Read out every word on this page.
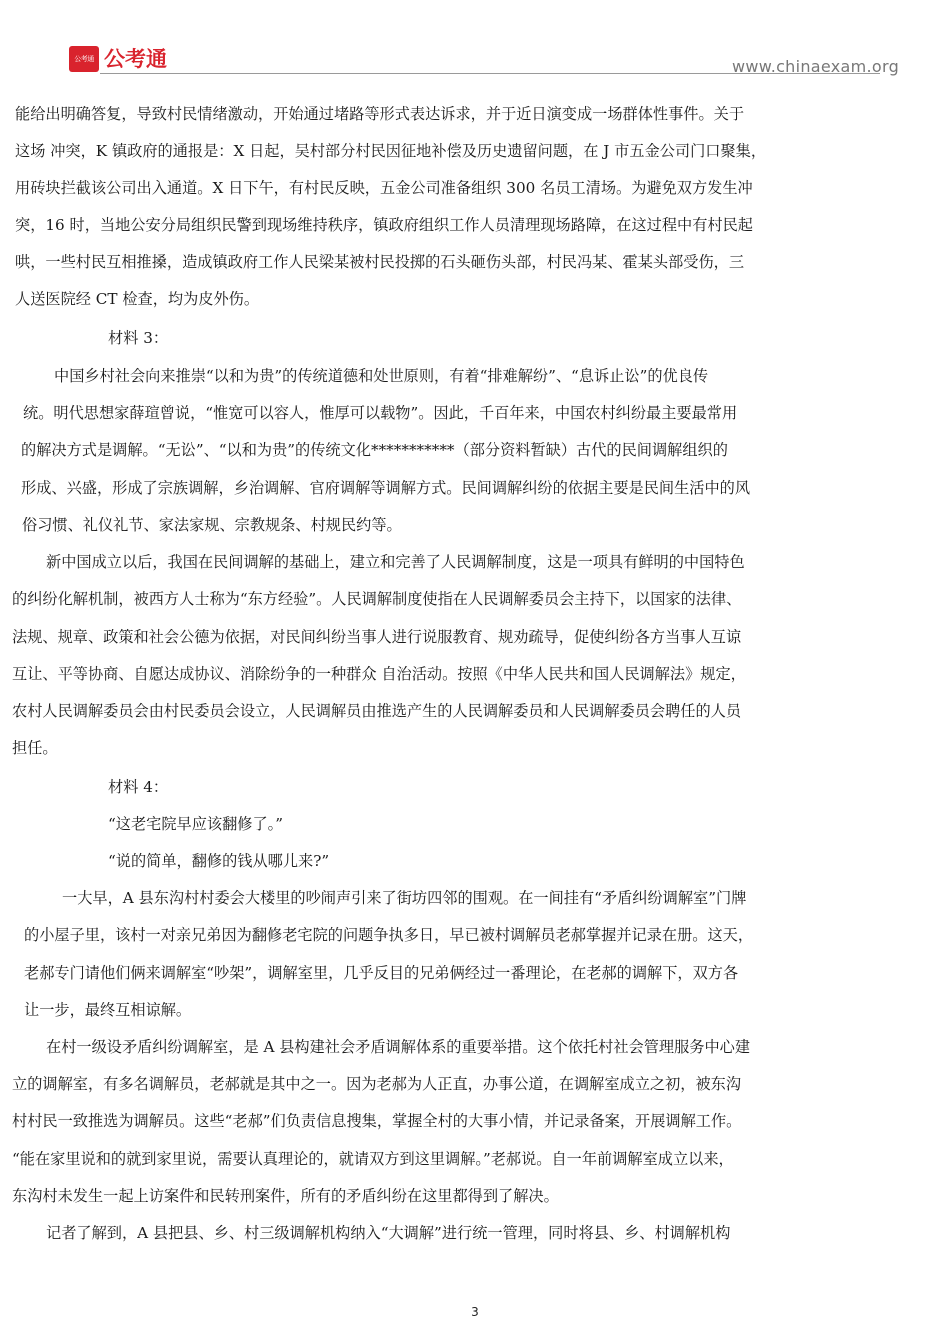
公考通 公考通	www.chinaexam.org
能给出明确答复，导致村民情绪激动，开始通过堵路等形式表达诉求，并于近日演变成一场群体性事件。关于
这场 冲突，K 镇政府的通报是：X 日起，吴村部分村民因征地补偿及历史遗留问题，在 J 市五金公司门口聚集，
用砖块拦截该公司出入通道。X 日下午，有村民反映，五金公司准备组织 300 名员工清场。为避免双方发生冲
突，16 时，当地公安分局组织民警到现场维持秩序，镇政府组织工作人员清理现场路障，在这过程中有村民起
哄，一些村民互相推搡，造成镇政府工作人民梁某被村民投掷的石头砸伤头部，村民冯某、霍某头部受伤，三
人送医院经 CT 检查，均为皮外伤。
材料 3：
中国乡村社会向来推崇“以和为贵”的传统道德和处世原则，有着“排难解纷”、“息诉止讼”的优良传
统。明代思想家薛瑄曾说，“惟宽可以容人，惟厚可以载物”。因此，千百年来，中国农村纠纷最主要最常用
的解决方式是调解。“无讼”、“以和为贵”的传统文化***********（部分资料暂缺）古代的民间调解组织的
形成、兴盛，形成了宗族调解，乡治调解、官府调解等调解方式。民间调解纠纷的依据主要是民间生活中的风
俗习惯、礼仪礼节、家法家规、宗教规条、村规民约等。
新中国成立以后，我国在民间调解的基础上，建立和完善了人民调解制度，这是一项具有鲜明的中国特色
的纠纷化解机制，被西方人士称为“东方经验”。人民调解制度使指在人民调解委员会主持下，以国家的法律、
法规、规章、政策和社会公德为依据，对民间纠纷当事人进行说服教育、规劝疏导，促使纠纷各方当事人互谅
互让、平等协商、自愿达成协议、消除纷争的一种群众 自治活动。按照《中华人民共和国人民调解法》规定，
农村人民调解委员会由村民委员会设立，人民调解员由推选产生的人民调解委员和人民调解委员会聘任的人员
担任。
材料 4：
“这老宅院早应该翻修了。”
“说的简单，翻修的钱从哪儿来?”
一大早，A 县东沟村村委会大楼里的吵闹声引来了街坊四邻的围观。在一间挂有“矛盾纠纷调解室”门牌
的小屋子里，该村一对亲兄弟因为翻修老宅院的问题争执多日，早已被村调解员老郝掌握并记录在册。这天，
老郝专门请他们俩来调解室“吵架”，调解室里，几乎反目的兄弟俩经过一番理论，在老郝的调解下，双方各
让一步，最终互相谅解。
在村一级设矛盾纠纷调解室，是 A 县构建社会矛盾调解体系的重要举措。这个依托村社会管理服务中心建
立的调解室，有多名调解员，老郝就是其中之一。因为老郝为人正直，办事公道，在调解室成立之初，被东沟
村村民一致推选为调解员。这些“老郝”们负责信息搜集，掌握全村的大事小情，并记录备案，开展调解工作。
“能在家里说和的就到家里说，需要认真理论的，就请双方到这里调解。”老郝说。自一年前调解室成立以来，
东沟村未发生一起上访案件和民转刑案件，所有的矛盾纠纷在这里都得到了解决。
记者了解到，A 县把县、乡、村三级调解机构纳入“大调解”进行统一管理，同时将县、乡、村调解机构
3
